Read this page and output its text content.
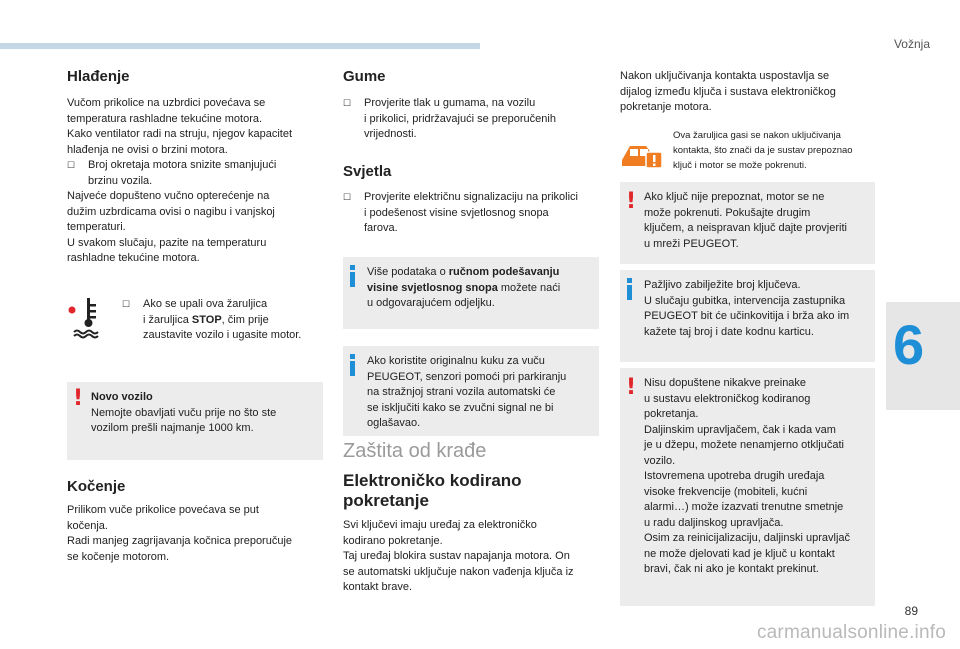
Vožnja
6
Hlađenje

Vučom prikolice na uzbrdici povećava se

temperatura rashladne tekućine motora.

Kako ventilator radi na struju, njegov kapacitet

hlađenja ne ovisi o brzini motora.

☐ Broj okretaja motora snizite smanjujući

brzinu vozila.

Najveće dopušteno vučno opterećenje na

dužim uzbrdicama ovisi o nagibu i vanjskoj

temperaturi.

U svakom slučaju, pazite na temperaturu

rashladne tekućine motora.

☐ Ako se upali ova žaruljica

i žaruljica STOP, čim prije

zaustavite vozilo i ugasite motor.

! Novo vozilo

Nemojte obavljati vuču prije no što ste

vozilom prešli najmanje 1000 km.

Kočenje

Prilikom vuče prikolice povećava se put

kočenja.

Radi manjeg zagrijavanja kočnica preporučuje

se kočenje motorom.

Gume
☐ Provjerite tlak u gumama, na vozilu

i prikolici, pridržavajući se preporučenih

vrijednosti.

Svjetla
☐ Provjerite električnu signalizaciju na prikolici

i podešenost visine svjetlosnog snopa

farova.

Više podataka o ručnom podešavanju

visine svjetlosnog snopa možete naći

u odgovarajućem odjeljku.

Ako koristite originalnu kuku za vuču

PEUGEOT, senzori pomoći pri parkiranju

na stražnjoj strani vozila automatski će

se isključiti kako se zvučni signal ne bi

oglašavao.

Zaštita od krađe
Elektroničko kodirano
pokretanje

Svi ključevi imaju uređaj za elektroničko

kodirano pokretanje.

Taj uređaj blokira sustav napajanja motora. On

se automatski uključuje nakon vađenja ključa iz

kontakt brave.

Nakon uključivanja kontakta uspostavlja se

dijalog između ključa i sustava elektroničkog

pokretanje motora.

Ova žaruljica gasi se nakon uključivanja

kontakta, što znači da je sustav prepoznao

ključ i motor se može pokrenuti.

! Ako ključ nije prepoznat, motor se ne

može pokrenuti. Pokušajte drugim

ključem, a neispravan ključ dajte provjeriti

u mreži PEUGEOT.

Pažljivo zabilježite broj ključeva.

U slučaju gubitka, intervencija zastupnika

PEUGEOT bit će učinkovitija i brža ako im

kažete taj broj i date kodnu karticu.

! Nisu dopuštene nikakve preinake

u sustavu elektroničkog kodiranog

pokretanja.

Daljinskim upravljačem, čak i kada vam

je u džepu, možete nenamjerno otključati

vozilo.

Istovremena upotreba drugih uređaja

visoke frekvencije (mobiteli, kućni

alarmi…) može izazvati trenutne smetnje

u radu daljinskog upravljača.

Osim za reinicijalizaciju, daljinski upravljač

ne može djelovati kad je ključ u kontakt

bravi, čak ni ako je kontakt prekinut.

89
carmanualsonline.info
